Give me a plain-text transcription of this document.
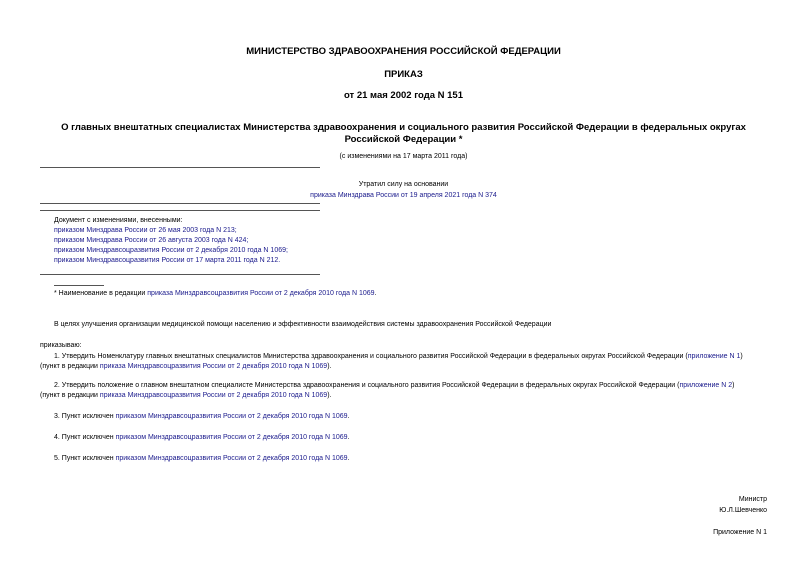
МИНИСТЕРСТВО ЗДРАВООХРАНЕНИЯ РОССИЙСКОЙ ФЕДЕРАЦИИ
ПРИКАЗ
от 21 мая 2002 года N 151
О главных внештатных специалистах Министерства здравоохранения и социального развития Российской Федерации в федеральных округах Российской Федерации *
(с изменениями на 17 марта 2011 года)
Утратил силу на основании
приказа Минздрава России от 19 апреля 2021 года N 374
Документ с изменениями, внесенными:
приказом Минздрава России от 26 мая 2003 года N 213;
приказом Минздрава России от 26 августа 2003 года N 424;
приказом Минздравсоцразвития России от 2 декабря 2010 года N 1069;
приказом Минздравсоцразвития России от 17 марта 2011 года N 212.
* Наименование в редакции приказа Минздравсоцразвития России от 2 декабря 2010 года N 1069.
В целях улучшения организации медицинской помощи населению и эффективности взаимодействия системы здравоохранения Российской Федерации
приказываю:
1. Утвердить Номенклатуру главных внештатных специалистов Министерства здравоохранения и социального развития Российской Федерации в федеральных округах Российской Федерации (приложение N 1)
(пункт в редакции приказа Минздравсоцразвития России от 2 декабря 2010 года N 1069).
2. Утвердить положение о главном внештатном специалисте Министерства здравоохранения и социального развития Российской Федерации в федеральных округах Российской Федерации (приложение N 2)
(пункт в редакции приказа Минздравсоцразвития России от 2 декабря 2010 года N 1069).
3. Пункт исключен приказом Минздравсоцразвития России от 2 декабря 2010 года N 1069.
4. Пункт исключен приказом Минздравсоцразвития России от 2 декабря 2010 года N 1069.
5. Пункт исключен приказом Минздравсоцразвития России от 2 декабря 2010 года N 1069.
Министр
Ю.Л.Шевченко
Приложение N 1
